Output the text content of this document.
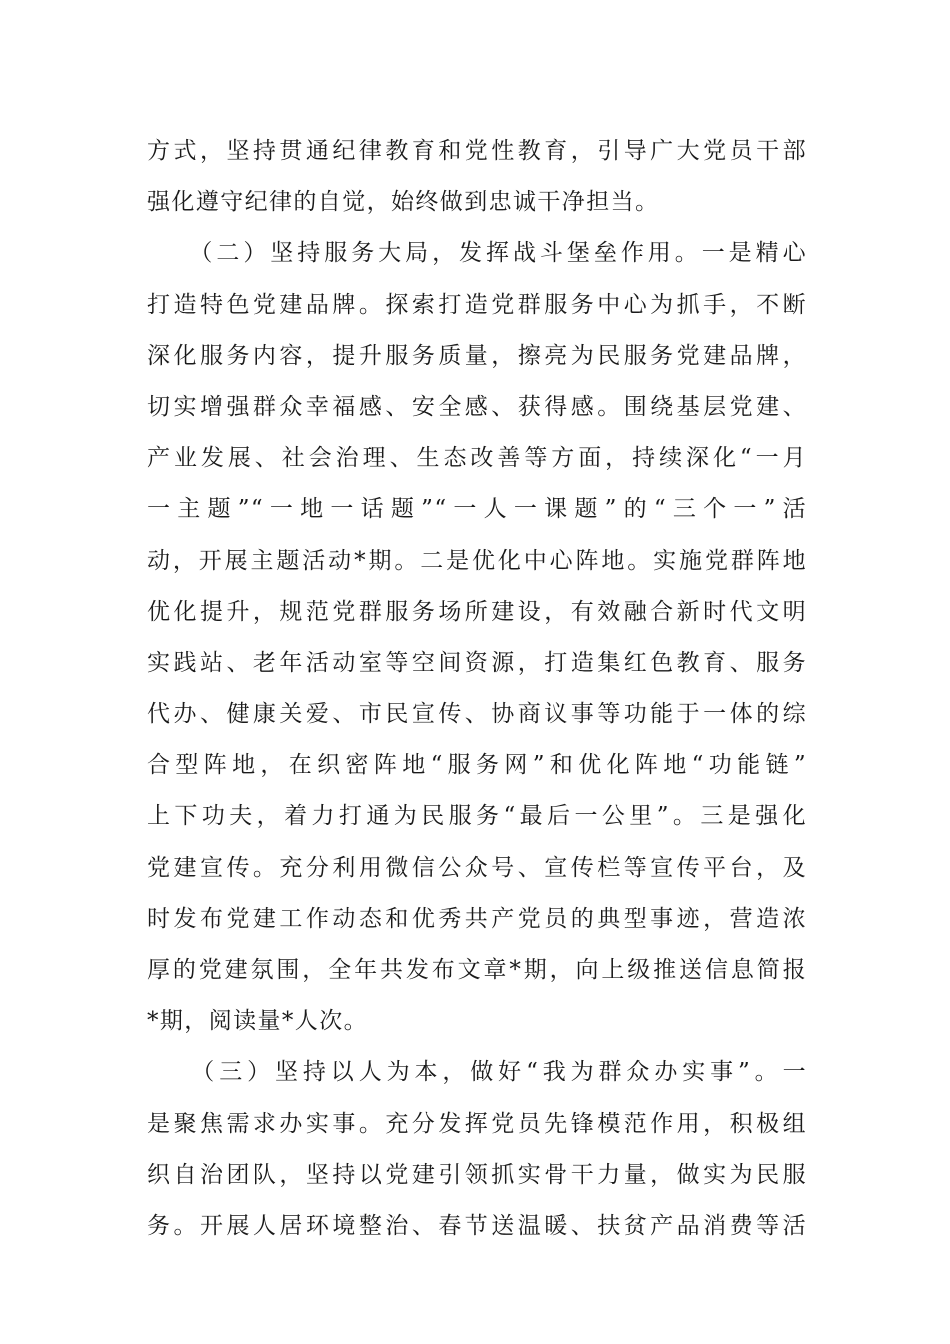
方式，坚持贯通纪律教育和党性教育，引导广大党员干部
强化遵守纪律的自觉，始终做到忠诚干净担当。
　　（二）坚持服务大局，发挥战斗堡垒作用。一是精心
打造特色党建品牌。探索打造党群服务中心为抓手，不断
深化服务内容，提升服务质量，擦亮为民服务党建品牌，
切实增强群众幸福感、安全感、获得感。围绕基层党建、
产业发展、社会治理、生态改善等方面，持续深化“一月
一主题”“一地一话题”“一人一课题”的“三个一”活
动，开展主题活动*期。二是优化中心阵地。实施党群阵地
优化提升，规范党群服务场所建设，有效融合新时代文明
实践站、老年活动室等空间资源，打造集红色教育、服务
代办、健康关爱、市民宣传、协商议事等功能于一体的综
合型阵地，在织密阵地“服务网”和优化阵地“功能链”
上下功夫，着力打通为民服务“最后一公里”。三是强化
党建宣传。充分利用微信公众号、宣传栏等宣传平台，及
时发布党建工作动态和优秀共产党员的典型事迹，营造浓
厚的党建氛围，全年共发布文章*期，向上级推送信息简报
*期，阅读量*人次。
　　（三）坚持以人为本，做好“我为群众办实事”。一
是聚焦需求办实事。充分发挥党员先锋模范作用，积极组
织自治团队，坚持以党建引领抓实骨干力量，做实为民服
务。开展人居环境整治、春节送温暖、扶贫产品消费等活
